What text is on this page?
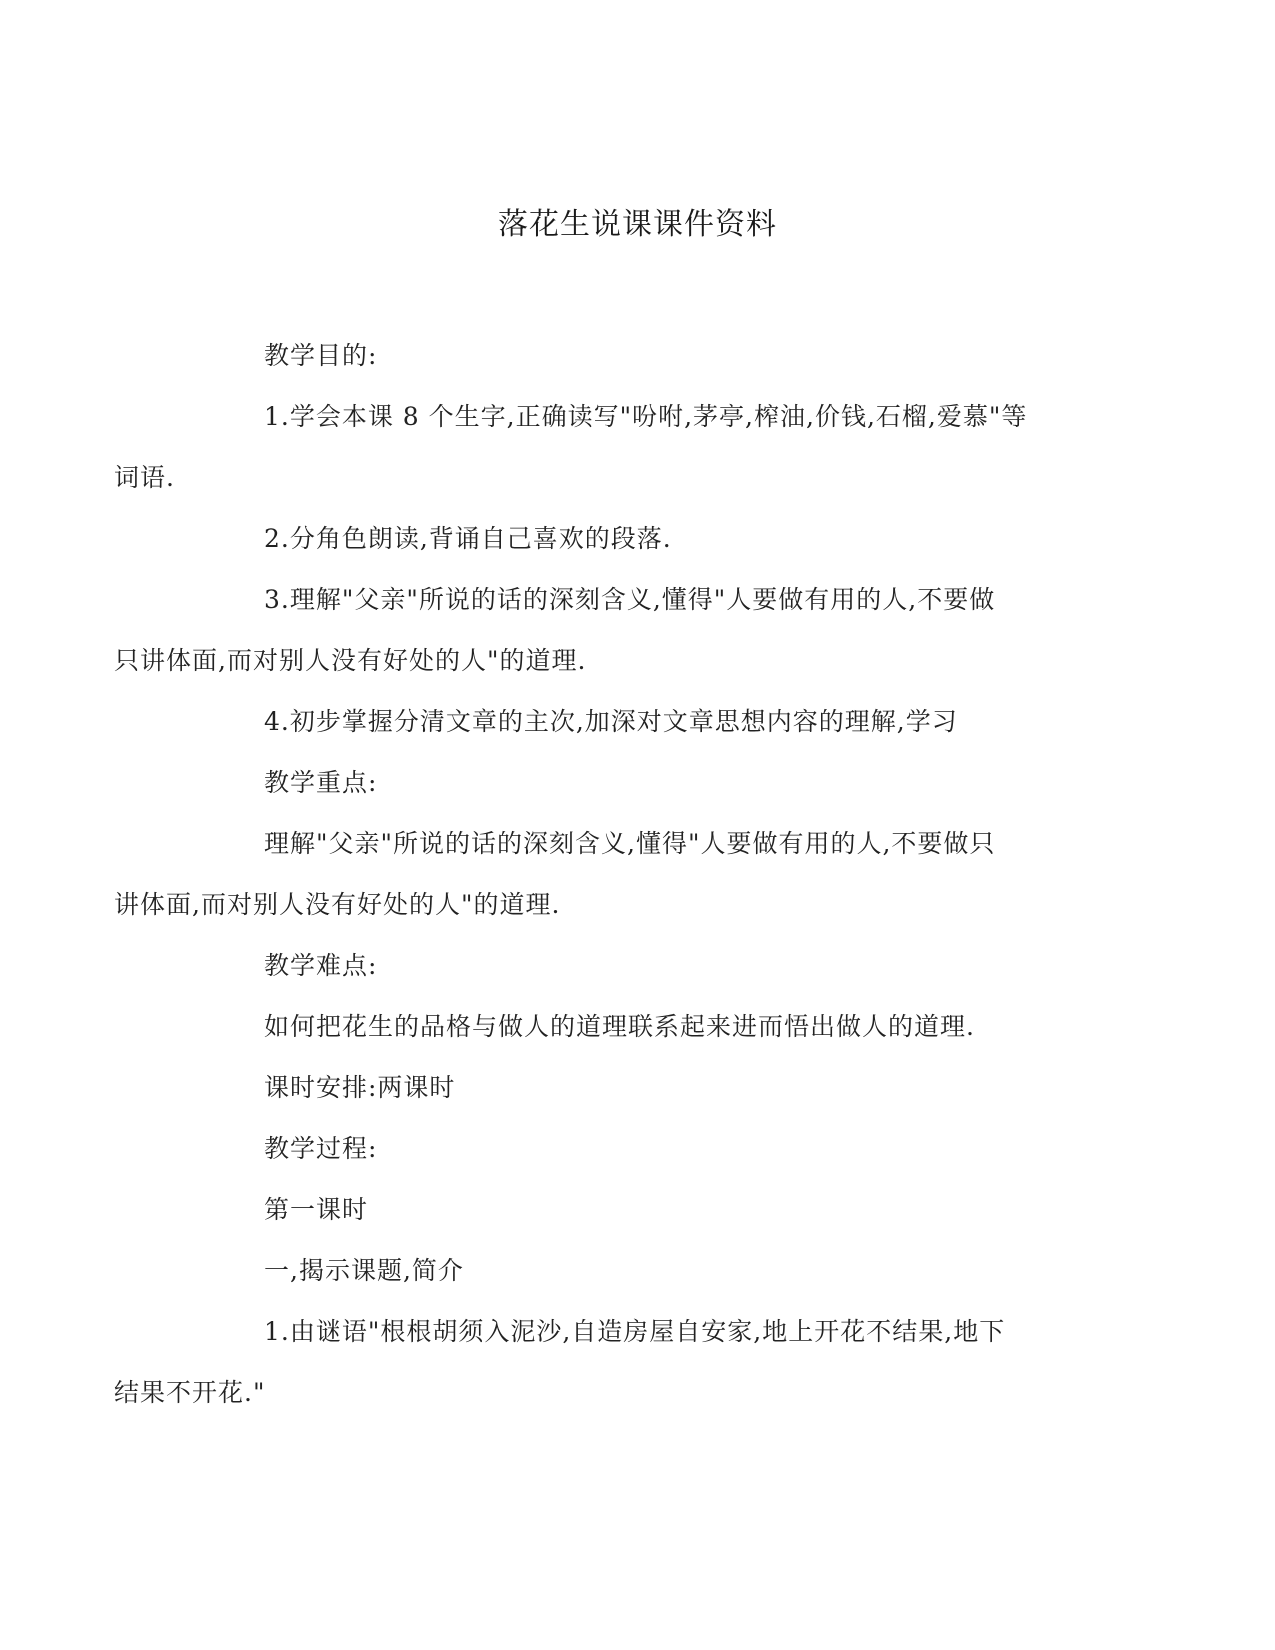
落花生说课课件资料

教学目的:

1.学会本课 8 个生字,正确读写"吩咐,茅亭,榨油,价钱,石榴,爱慕"等
词语.

2.分角色朗读,背诵自己喜欢的段落.

3.理解"父亲"所说的话的深刻含义,懂得"人要做有用的人,不要做
只讲体面,而对别人没有好处的人"的道理.

4.初步掌握分清文章的主次,加深对文章思想内容的理解,学习

教学重点:

理解"父亲"所说的话的深刻含义,懂得"人要做有用的人,不要做只
讲体面,而对别人没有好处的人"的道理.

教学难点:

如何把花生的品格与做人的道理联系起来进而悟出做人的道理.

课时安排:两课时

教学过程:

第一课时

一,揭示课题,简介

1.由谜语"根根胡须入泥沙,自造房屋自安家,地上开花不结果,地下
结果不开花."
